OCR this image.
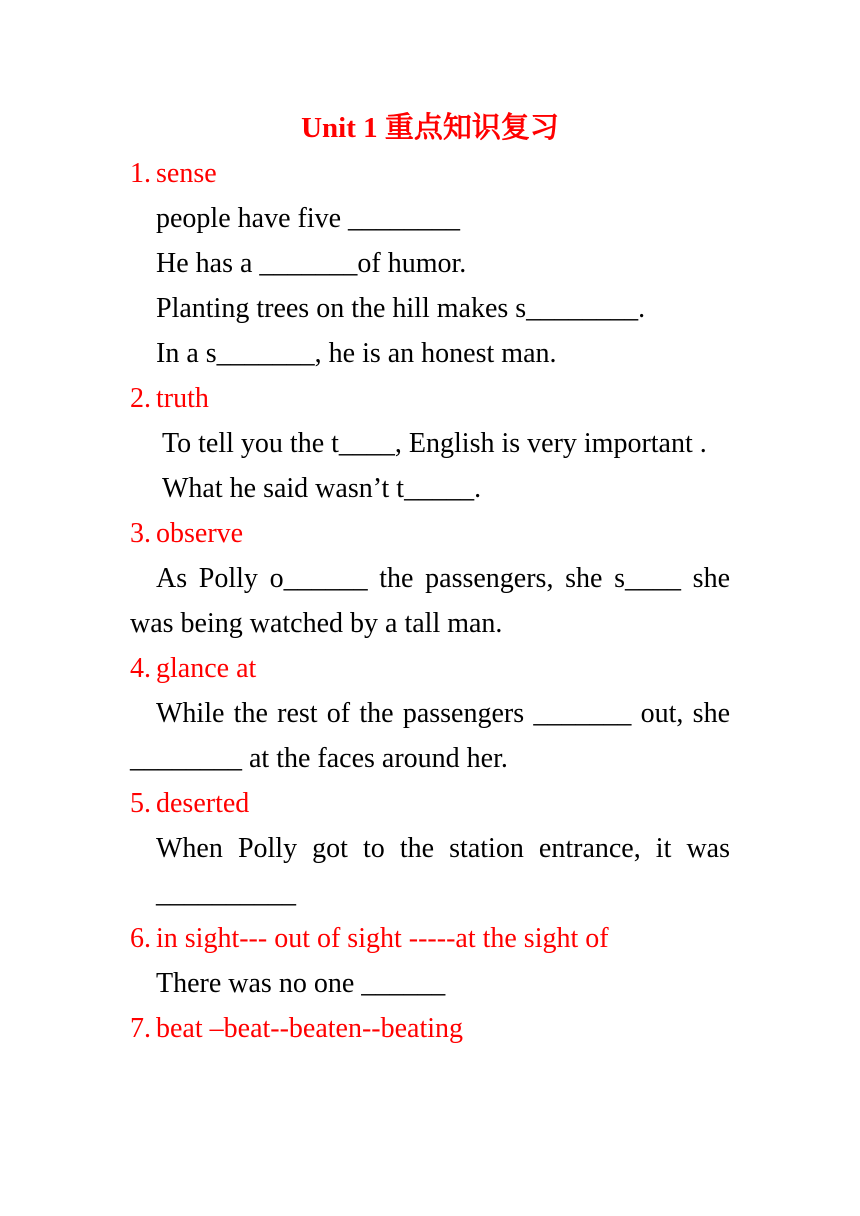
Unit 1 重点知识复习
1. sense
people have five ________
He has a _______of humor.
Planting trees on the hill makes s________.
In a s_______, he is an honest man.
2. truth
To tell you the t____, English is very important .
What he said wasn’t t_____.
3. observe
As Polly o______ the passengers, she s____ she was being watched by a tall man.
4. glance at
While the rest of the passengers _______ out, she ________ at the faces around her.
5. deserted
When Polly got to the station entrance, it was __________
6. in sight--- out of sight -----at the sight of
There was no one ______
7. beat –beat--beaten--beating
